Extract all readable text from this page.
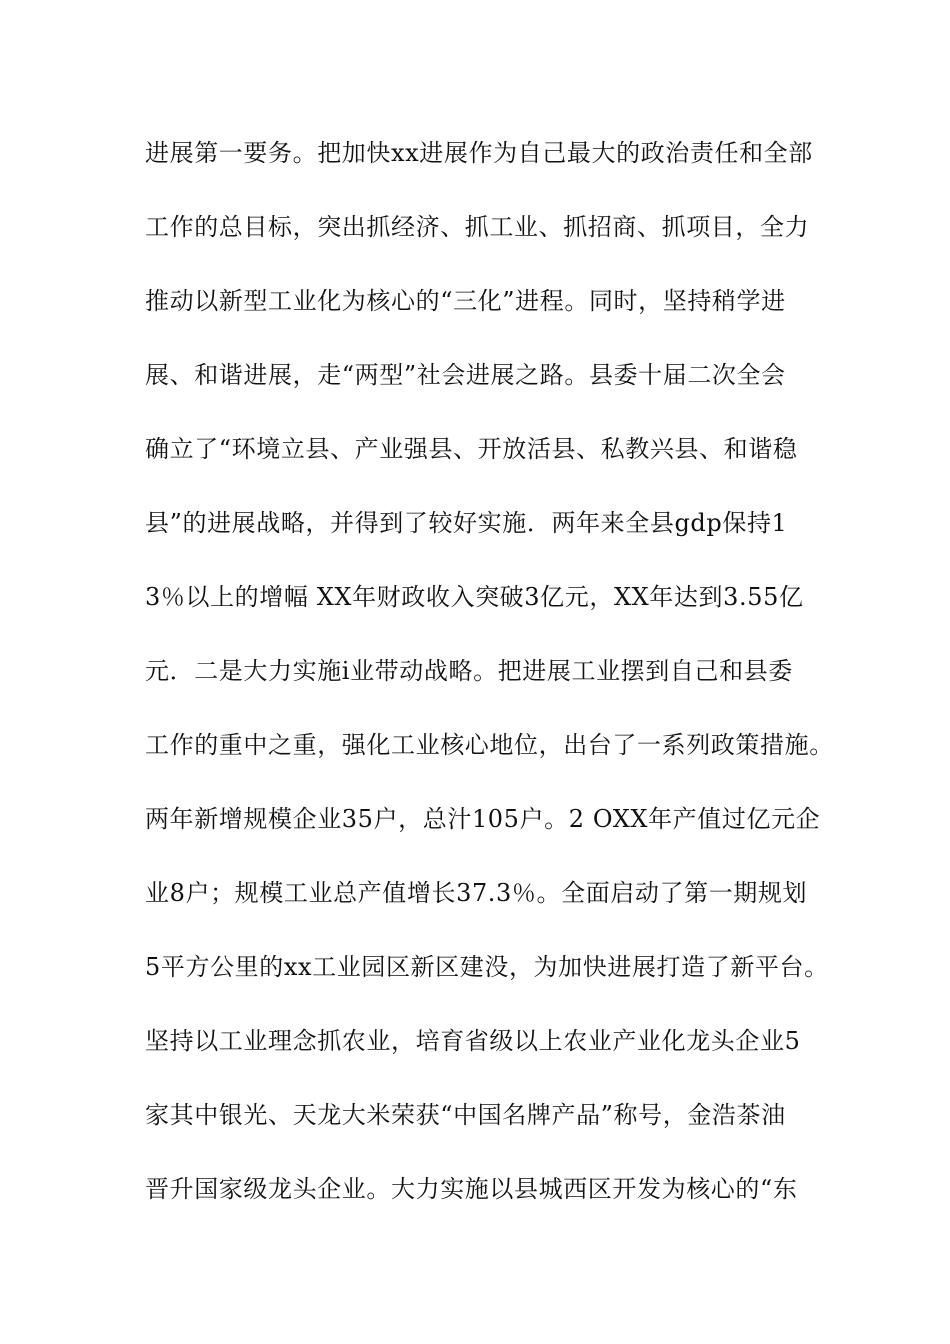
进展第一要务。把加快xx进展作为自己最大的政治责任和全部
工作的总目标，突出抓经济、抓工业、抓招商、抓项目，全力
推动以新型工业化为核心的“三化”进程。同时，坚持稍学进
展、和谐进展，走“两型”社会进展之路。县委十届二次全会
确立了“环境立县、产业强县、开放活县、私教兴县、和谐稳
县”的进展战略，并得到了较好实施．两年来全县gdp保持1
3％以上的增幅 XX年财政收入突破3亿元，XX年达到3.55亿
元．二是大力实施i业带动战略。把进展工业摆到自己和县委
工作的重中之重，强化工业核心地位，出台了一系列政策措施。
两年新增规模企业35户，总汁105户。2 OXX年产值过亿元企
业8户；规模工业总产值增长37.3％。全面启动了第一期规划
5平方公里的xx工业园区新区建没，为加快进展打造了新平台。
坚持以工业理念抓农业，培育省级以上农业产业化龙头企业5
家其中银光、天龙大米荣获“中国名牌产品”称号，金浩茶油
晋升国家级龙头企业。大力实施以县城西区开发为核心的“东
